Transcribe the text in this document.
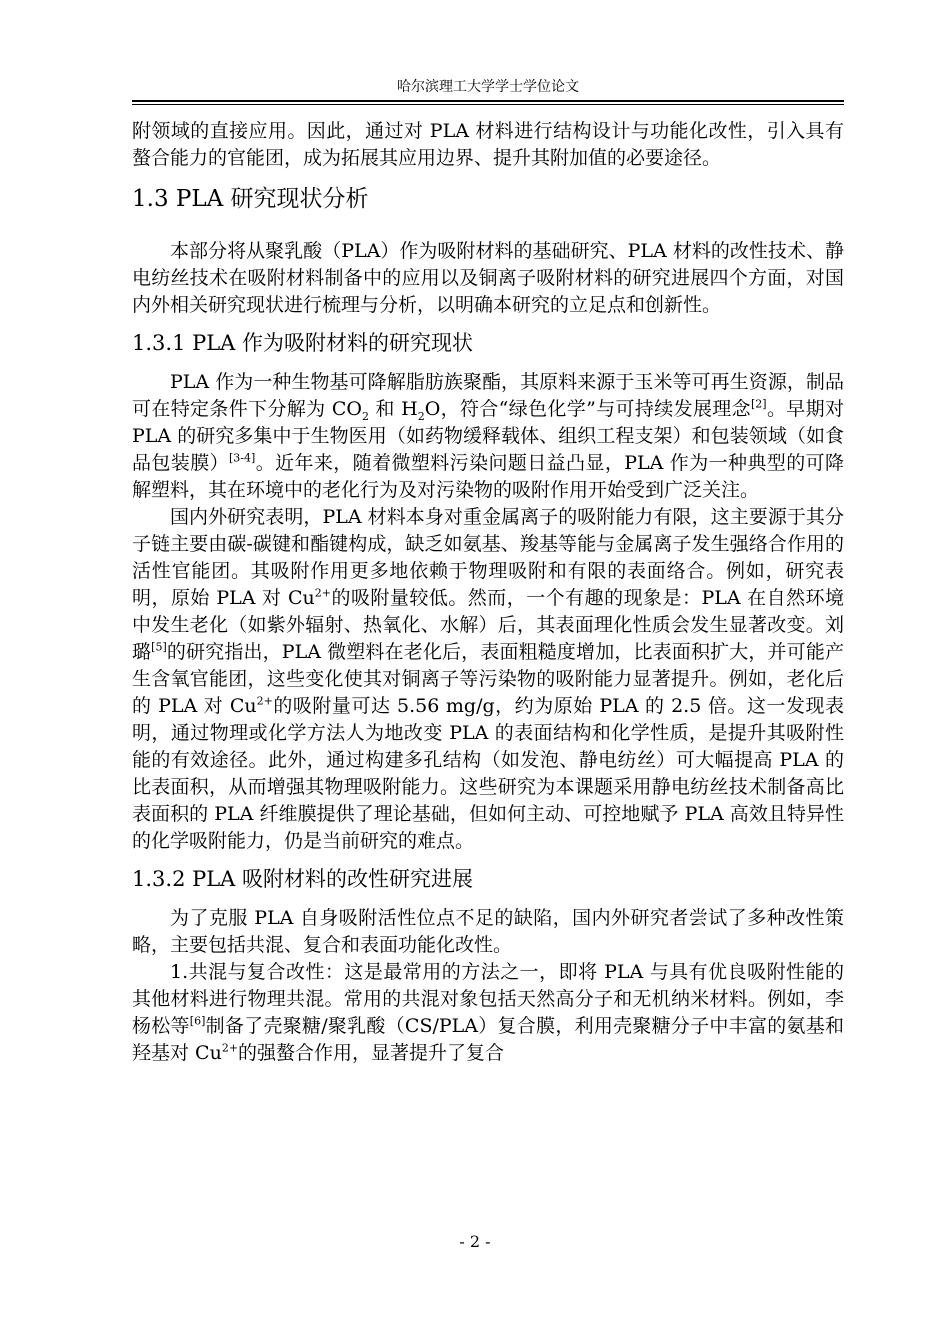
哈尔滨理工大学学士学位论文

附领域的直接应用。因此，通过对 PLA 材料进行结构设计与功能化改性，引入具有螯合能力的官能团，成为拓展其应用边界、提升其附加值的必要途径。

1.3 PLA 研究现状分析

本部分将从聚乳酸（PLA）作为吸附材料的基础研究、PLA 材料的改性技术、静电纺丝技术在吸附材料制备中的应用以及铜离子吸附材料的研究进展四个方面，对国内外相关研究现状进行梳理与分析，以明确本研究的立足点和创新性。

1.3.1 PLA 作为吸附材料的研究现状

PLA 作为一种生物基可降解脂肪族聚酯，其原料来源于玉米等可再生资源，制品可在特定条件下分解为 $CO_2$ 和 $H_2O$，符合“绿色化学”与可持续发展理念[2]。早期对 PLA 的研究多集中于生物医用（如药物缓释载体、组织工程支架）和包装领域（如食品包装膜）[3-4]。近年来，随着微塑料污染问题日益凸显，PLA 作为一种典型的可降解塑料，其在环境中的老化行为及对污染物的吸附作用开始受到广泛关注。

国内外研究表明，PLA 材料本身对重金属离子的吸附能力有限，这主要源于其分子链主要由碳-碳键和酯键构成，缺乏如氨基、羧基等能与金属离子发生强络合作用的活性官能团。其吸附作用更多地依赖于物理吸附和有限的表面络合。例如，研究表明，原始 PLA 对 $Cu^{2+}$的吸附量较低。然而，一个有趣的现象是：PLA 在自然环境中发生老化（如紫外辐射、热氧化、水解）后，其表面理化性质会发生显著改变。刘璐[5]的研究指出，PLA 微塑料在老化后，表面粗糙度增加，比表面积扩大，并可能产生含氧官能团，这些变化使其对铜离子等污染物的吸附能力显著提升。例如，老化后的 PLA 对 $Cu^{2+}$的吸附量可达 5.56 mg/g，约为原始 PLA 的 2.5 倍。这一发现表明，通过物理或化学方法人为地改变 PLA 的表面结构和化学性质，是提升其吸附性能的有效途径。此外，通过构建多孔结构（如发泡、静电纺丝）可大幅提高 PLA 的比表面积，从而增强其物理吸附能力。这些研究为本课题采用静电纺丝技术制备高比表面积的 PLA 纤维膜提供了理论基础，但如何主动、可控地赋予 PLA 高效且特异性的化学吸附能力，仍是当前研究的难点。

1.3.2 PLA 吸附材料的改性研究进展

为了克服 PLA 自身吸附活性位点不足的缺陷，国内外研究者尝试了多种改性策略，主要包括共混、复合和表面功能化改性。

1.共混与复合改性：这是最常用的方法之一，即将 PLA 与具有优良吸附性能的其他材料进行物理共混。常用的共混对象包括天然高分子和无机纳米材料。例如，李杨松等[6]制备了壳聚糖/聚乳酸（CS/PLA）复合膜，利用壳聚糖分子中丰富的氨基和羟基对 $Cu^{2+}$的强螯合作用，显著提升了复合

- 2 -
